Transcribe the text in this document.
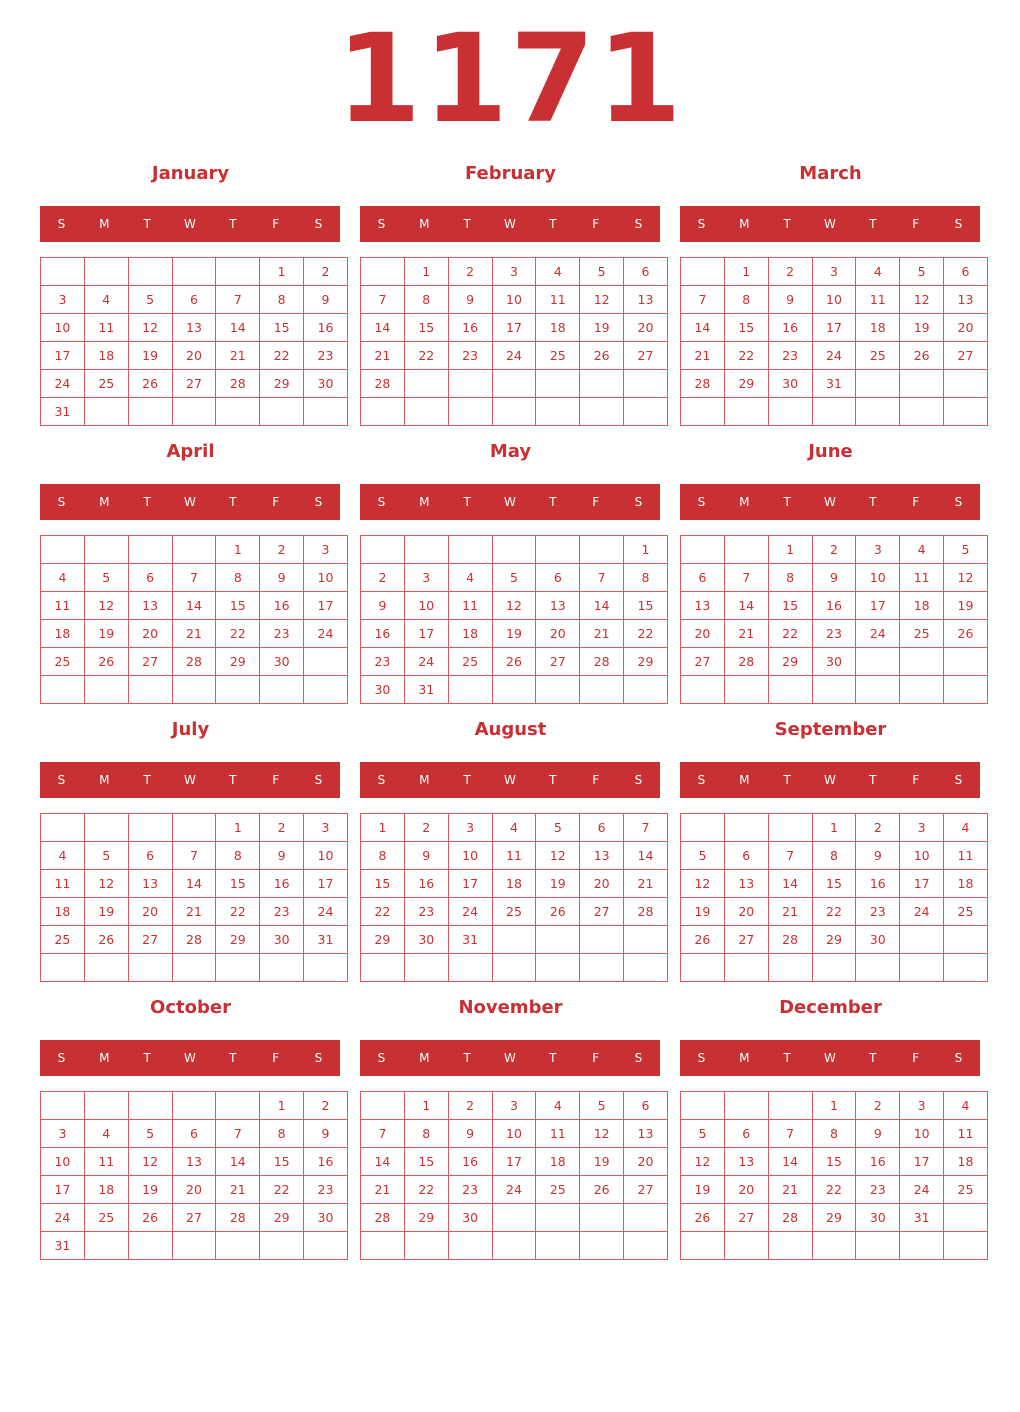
1171
January
S	M	T	W	T	F	S
					1	2
3	4	5	6	7	8	9
10	11	12	13	14	15	16
17	18	19	20	21	22	23
24	25	26	27	28	29	30
31						
February
S	M	T	W	T	F	S
	1	2	3	4	5	6
7	8	9	10	11	12	13
14	15	16	17	18	19	20
21	22	23	24	25	26	27
28						

March
S	M	T	W	T	F	S
	1	2	3	4	5	6
7	8	9	10	11	12	13
14	15	16	17	18	19	20
21	22	23	24	25	26	27
28	29	30	31			

April
S	M	T	W	T	F	S
				1	2	3
4	5	6	7	8	9	10
11	12	13	14	15	16	17
18	19	20	21	22	23	24
25	26	27	28	29	30	

May
S	M	T	W	T	F	S
						1
2	3	4	5	6	7	8
9	10	11	12	13	14	15
16	17	18	19	20	21	22
23	24	25	26	27	28	29
30	31					
June
S	M	T	W	T	F	S
		1	2	3	4	5
6	7	8	9	10	11	12
13	14	15	16	17	18	19
20	21	22	23	24	25	26
27	28	29	30			

July
S	M	T	W	T	F	S
				1	2	3
4	5	6	7	8	9	10
11	12	13	14	15	16	17
18	19	20	21	22	23	24
25	26	27	28	29	30	31

August
S	M	T	W	T	F	S
1	2	3	4	5	6	7
8	9	10	11	12	13	14
15	16	17	18	19	20	21
22	23	24	25	26	27	28
29	30	31				

September
S	M	T	W	T	F	S
			1	2	3	4
5	6	7	8	9	10	11
12	13	14	15	16	17	18
19	20	21	22	23	24	25
26	27	28	29	30		

October
S	M	T	W	T	F	S
					1	2
3	4	5	6	7	8	9
10	11	12	13	14	15	16
17	18	19	20	21	22	23
24	25	26	27	28	29	30
31						
November
S	M	T	W	T	F	S
	1	2	3	4	5	6
7	8	9	10	11	12	13
14	15	16	17	18	19	20
21	22	23	24	25	26	27
28	29	30				

December
S	M	T	W	T	F	S
			1	2	3	4
5	6	7	8	9	10	11
12	13	14	15	16	17	18
19	20	21	22	23	24	25
26	27	28	29	30	31	
